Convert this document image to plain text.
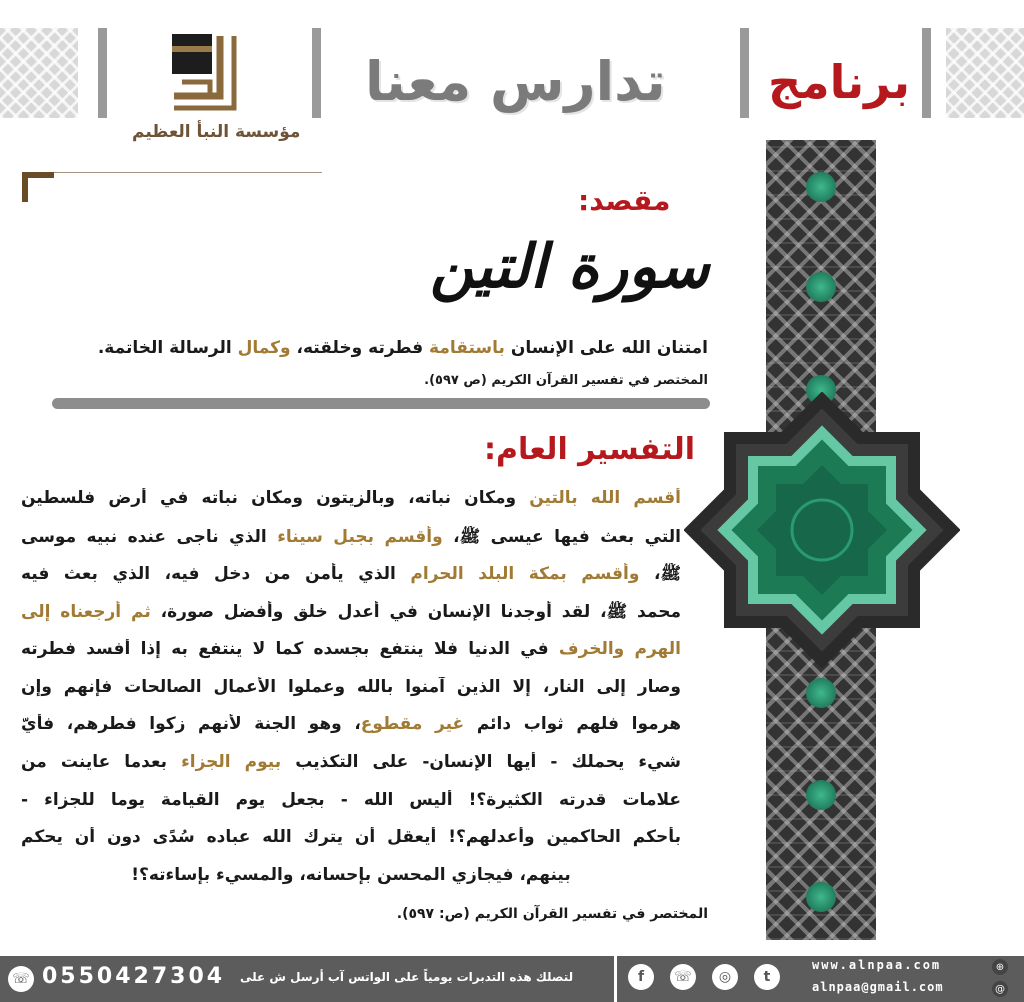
مؤسسة النبأ العظيم
تدارس معنا برنامج
مقصد:
سورة التين
امتنان الله على الإنسان باستقامة فطرته وخلقته، وكمال الرسالة الخاتمة.
المختصر في تفسير القرآن الكريم (ص ٥٩٧).
التفسير العام:
أقسم الله بالتين ومكان نباته، وبالزيتون ومكان نباته في أرض فلسطين
التي بعث فيها عيسى ﷺ، وأقسم بجبل سيناء الذي ناجى عنده نبيه موسى
ﷺ، وأقسم بمكة البلد الحرام الذي يأمن من دخل فيه، الذي بعث فيه
محمد ﷺ، لقد أوجدنا الإنسان في أعدل خلق وأفضل صورة، ثم أرجعناه إلى
الهرم والخرف في الدنيا فلا ينتفع بجسده كما لا ينتفع به إذا أفسد فطرته
وصار إلى النار، إلا الذين آمنوا بالله وعملوا الأعمال الصالحات فإنهم وإن
هرموا فلهم ثواب دائم غير مقطوع، وهو الجنة لأنهم زكوا فطرهم، فأيّ
شيء يحملك - أيها الإنسان- على التكذيب بيوم الجزاء بعدما عاينت من
علامات قدرته الكثيرة؟! أليس الله - بجعل يوم القيامة يوما للجزاء -
بأحكم الحاكمين وأعدلهم؟! أيعقل أن يترك الله عباده سُدًى دون أن يحكم
بينهم، فيجازي المحسن بإحسانه، والمسيء بإساءته؟!
المختصر في تفسير القرآن الكريم (ص: ٥٩٧).
☏ 0550427304 لتصلك هذه التدبرات يومياً على الواتس آب أرسل ش على	f	☏	◎	t
www.alnpaa.com	⊕
alnpaa@gmail.com	@
